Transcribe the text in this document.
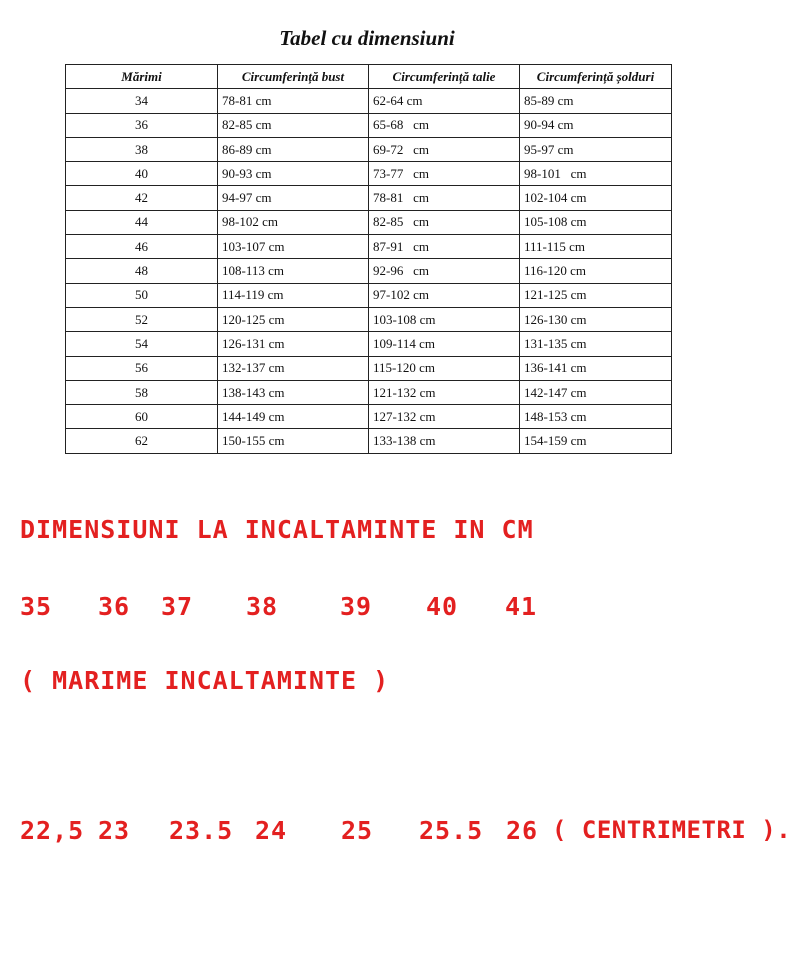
Tabel cu dimensiuni
Mărimi	Circumferință bust	Circumferință talie	Circumferință șolduri
34	78-81 cm	62-64 cm	85-89 cm
36	82-85 cm	65-68   cm	90-94 cm
38	86-89 cm	69-72   cm	95-97 cm
40	90-93 cm	73-77   cm	98-101   cm
42	94-97 cm	78-81   cm	102-104 cm
44	98-102 cm	82-85   cm	105-108 cm
46	103-107 cm	87-91   cm	111-115 cm
48	108-113 cm	92-96   cm	116-120 cm
50	114-119 cm	97-102 cm	121-125 cm
52	120-125 cm	103-108 cm	126-130 cm
54	126-131 cm	109-114 cm	131-135 cm
56	132-137 cm	115-120 cm	136-141 cm
58	138-143 cm	121-132 cm	142-147 cm
60	144-149 cm	127-132 cm	148-153 cm
62	150-155 cm	133-138 cm	154-159 cm
DIMENSIUNI LA INCALTAMINTE IN CM
35 36 37 38 39 40 41
( MARIME INCALTAMINTE )
22,5 23 23.5 24 25 25.5 26 ( CENTRIMETRI ).
